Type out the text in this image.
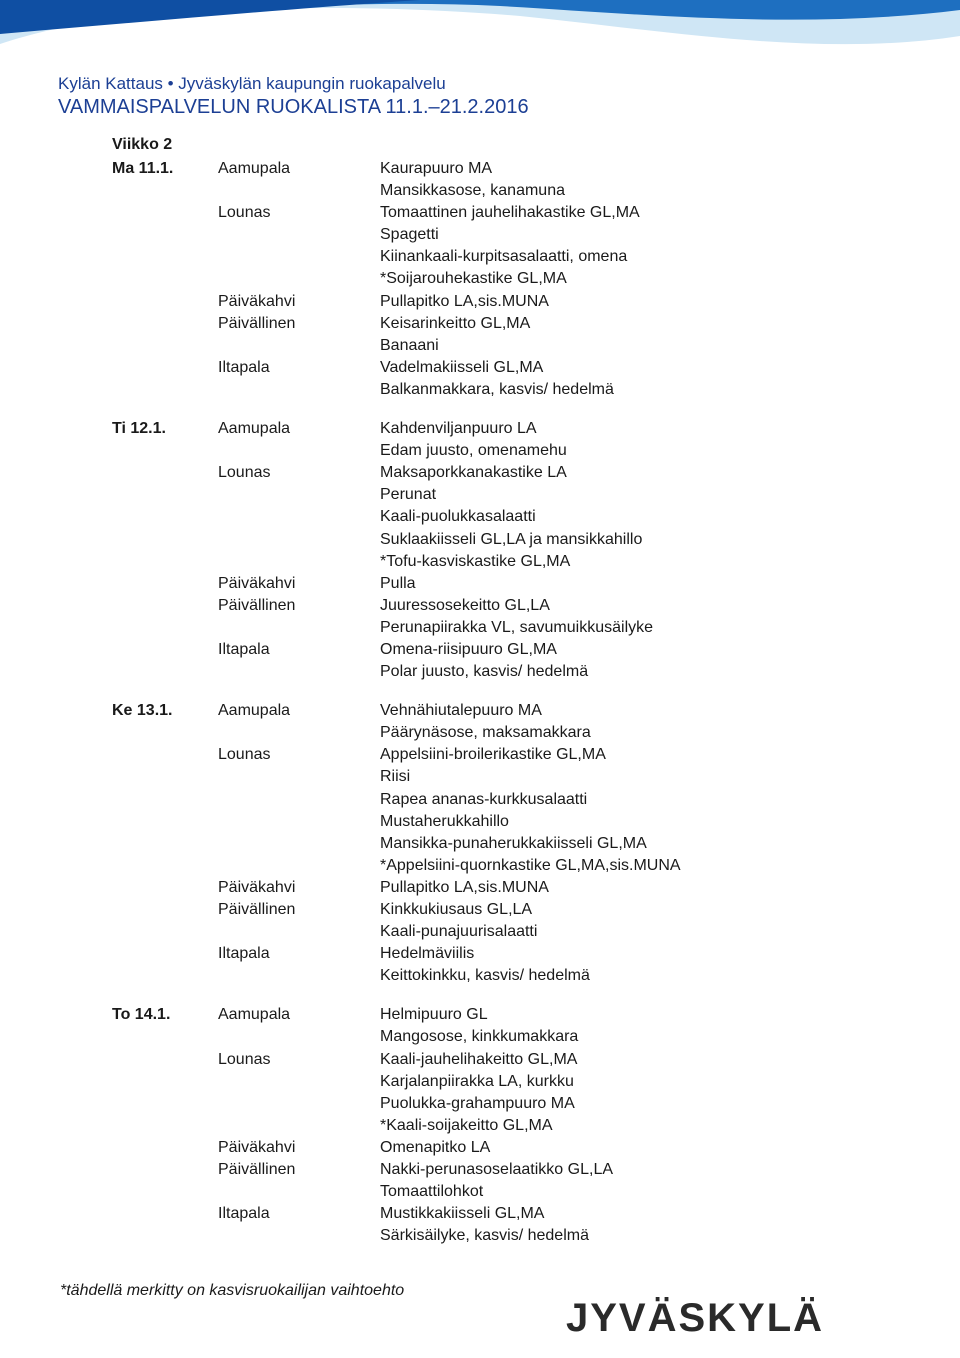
Kylän Kattaus • Jyväskylän kaupungin ruokapalvelu
VAMMAISPALVELUN RUOKALISTA 11.1.–21.2.2016
Viikko 2
Ma 11.1.	Aamupala	Kaurapuuro MA
Mansikkasose, kanamuna
Lounas	Tomaattinen jauhelihakastike GL,MA
Spagetti
Kiinankaali-kurpitsasalaatti, omena
*Soijarouhekastike GL,MA
Päiväkahvi	Pullapitko LA,sis.MUNA
Päivällinen	Keisarinkeitto GL,MA
Banaani
Iltapala	Vadelmakiisseli GL,MA
Balkanmakkara, kasvis/ hedelmä
Ti 12.1.	Aamupala	Kahdenviljanpuuro LA
Edam juusto, omenamehu
Lounas	Maksaporkkanakastike LA
Perunat
Kaali-puolukkasalaatti
Suklaakiisseli GL,LA ja mansikkahillo
*Tofu-kasviskastike GL,MA
Päiväkahvi	Pulla
Päivällinen	Juuressosekeitto GL,LA
Perunapiirakka VL, savumuikkusäilyke
Iltapala	Omena-riisipuuro GL,MA
Polar juusto, kasvis/ hedelmä
Ke 13.1.	Aamupala	Vehnähiutalepuuro MA
Päärynäsose, maksamakkara
Lounas	Appelsiini-broilerikastike GL,MA
Riisi
Rapea ananas-kurkkusalaatti
Mustaherukkahillo
Mansikka-punaherukkakiisseli GL,MA
*Appelsiini-quornkastike GL,MA,sis.MUNA
Päiväkahvi	Pullapitko LA,sis.MUNA
Päivällinen	Kinkkukiusaus GL,LA
Kaali-punajuurisalaatti
Iltapala	Hedelmäviilis
Keittokinkku, kasvis/ hedelmä
To 14.1.	Aamupala	Helmipuuro GL
Mangosose, kinkkumakkara
Lounas	Kaali-jauhelihakeitto GL,MA
Karjalanpiirakka LA, kurkku
Puolukka-grahampuuro MA
*Kaali-soijakeitto GL,MA
Päiväkahvi	Omenapitko LA
Päivällinen	Nakki-perunasoselaatikko GL,LA
Tomaattilohkot
Iltapala	Mustikkakiisseli GL,MA
Särkisäilyke, kasvis/ hedelmä
*tähdellä merkitty on kasvisruokailijan vaihtoehto
JYVÄSKYLÄ
